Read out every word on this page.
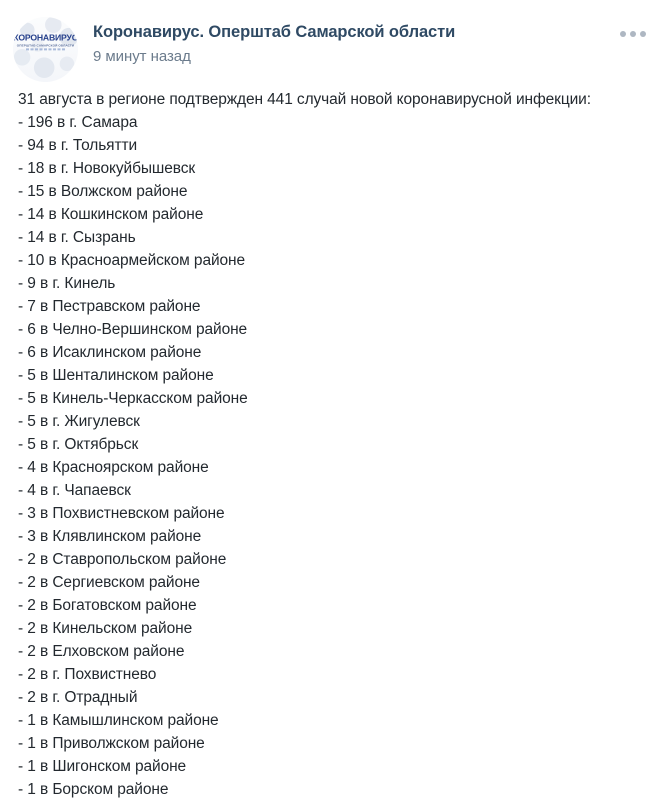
КОРОНАВИРУС
ОПЕРШТАБ САМАРСКОЙ ОБЛАСТИ
Коронавирус. Оперштаб Самарской области
9 минут назад
31 августа в регионе подтвержден 441 случай новой коронавирусной инфекции:
- 196 в г. Самара
- 94 в г. Тольятти
- 18 в г. Новокуйбышевск
- 15 в Волжском районе
- 14 в Кошкинском районе
- 14 в г. Сызрань
- 10 в Красноармейском районе
- 9 в г. Кинель
- 7 в Пестравском районе
- 6 в Челно-Вершинском районе
- 6 в Исаклинском районе
- 5 в Шенталинском районе
- 5 в Кинель-Черкасском районе
- 5 в г. Жигулевск
- 5 в г. Октябрьск
- 4 в Красноярском районе
- 4 в г. Чапаевск
- 3 в Похвистневском районе
- 3 в Клявлинском районе
- 2 в Ставропольском районе
- 2 в Сергиевском районе
- 2 в Богатовском районе
- 2 в Кинельском районе
- 2 в Елховском районе
- 2 в г. Похвистнево
- 2 в г. Отрадный
- 1 в Камышлинском районе
- 1 в Приволжском районе
- 1 в Шигонском районе
- 1 в Борском районе
